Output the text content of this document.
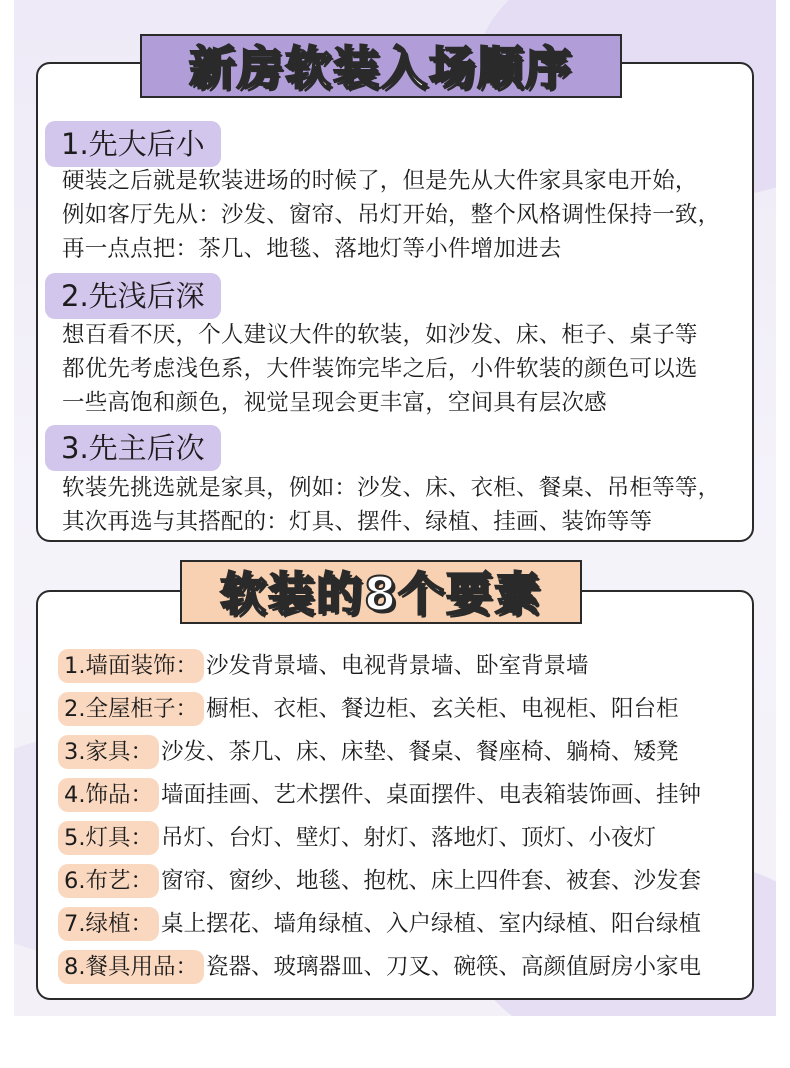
新房软装入场顺序
1.先大后小
硬装之后就是软装进场的时候了，但是先从大件家具家电开始，
例如客厅先从：沙发、窗帘、吊灯开始，整个风格调性保持一致，
再一点点把：茶几、地毯、落地灯等小件增加进去
2.先浅后深
想百看不厌，个人建议大件的软装，如沙发、床、柜子、桌子等
都优先考虑浅色系，大件装饰完毕之后，小件软装的颜色可以选
一些高饱和颜色，视觉呈现会更丰富，空间具有层次感
3.先主后次
软装先挑选就是家具，例如：沙发、床、衣柜、餐桌、吊柜等等，
其次再选与其搭配的：灯具、摆件、绿植、挂画、装饰等等
软装的8个要素
1.墙面装饰： 沙发背景墙、电视背景墙、卧室背景墙
2.全屋柜子： 橱柜、衣柜、餐边柜、玄关柜、电视柜、阳台柜
3.家具： 沙发、茶几、床、床垫、餐桌、餐座椅、躺椅、矮凳
4.饰品： 墙面挂画、艺术摆件、桌面摆件、电表箱装饰画、挂钟
5.灯具： 吊灯、台灯、壁灯、射灯、落地灯、顶灯、小夜灯
6.布艺： 窗帘、窗纱、地毯、抱枕、床上四件套、被套、沙发套
7.绿植： 桌上摆花、墙角绿植、入户绿植、室内绿植、阳台绿植
8.餐具用品： 瓷器、玻璃器皿、刀叉、碗筷、高颜值厨房小家电
